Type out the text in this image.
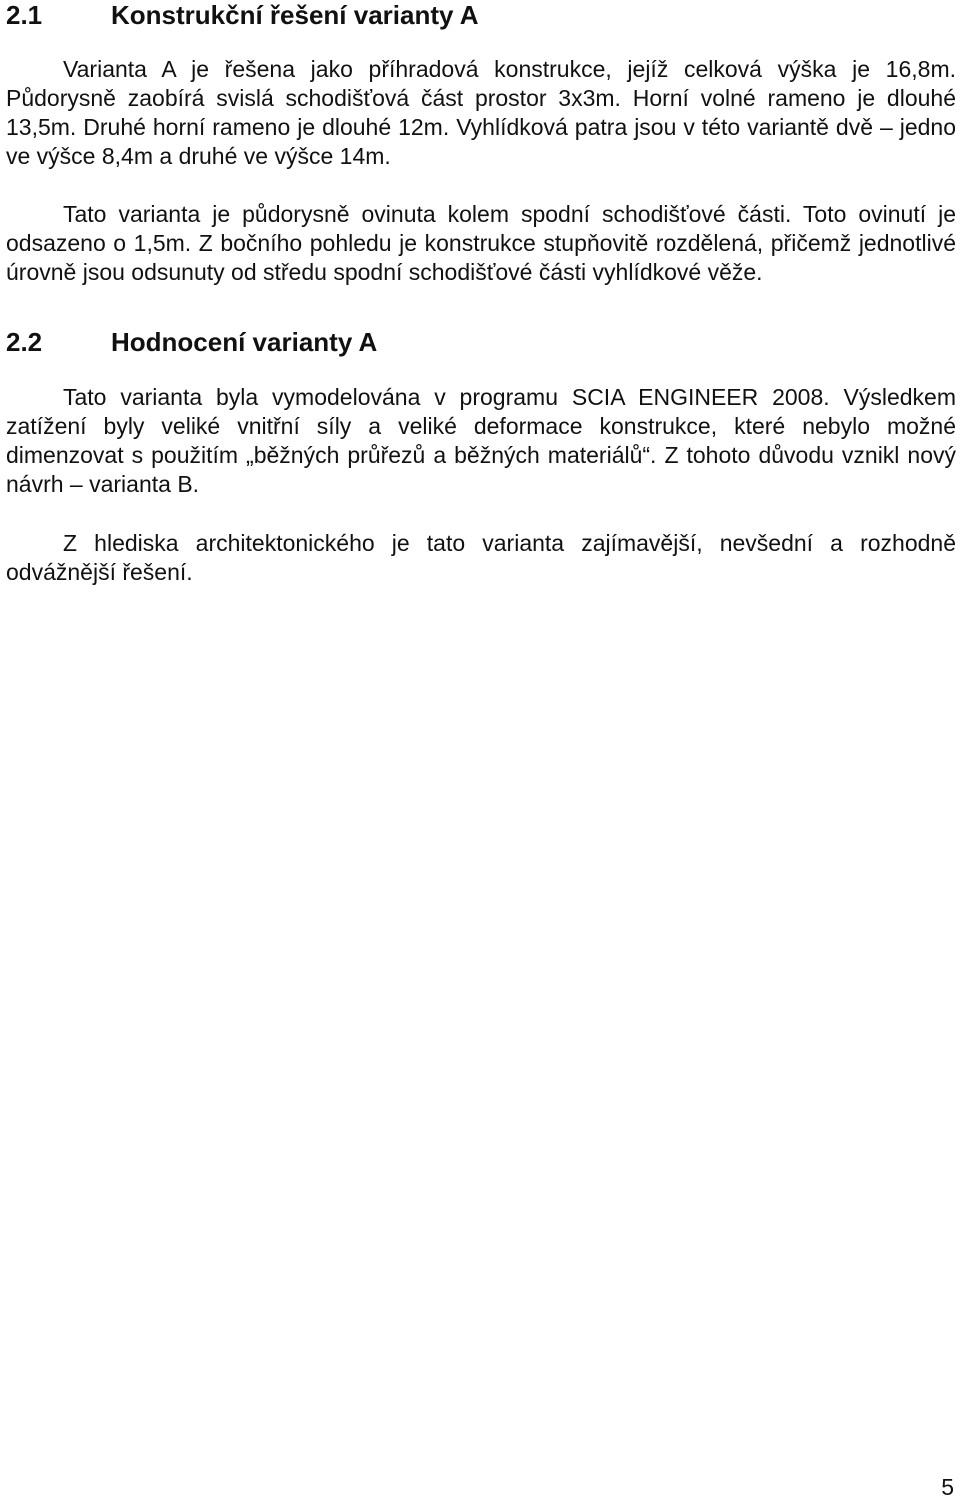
2.1	Konstrukční řešení varianty A

Varianta A je řešena jako příhradová konstrukce, jejíž celková výška je 16,8m. Půdorysně zaobírá svislá schodišťová část prostor 3x3m. Horní volné rameno je dlouhé 13,5m. Druhé horní rameno je dlouhé 12m. Vyhlídková patra jsou v této variantě dvě – jedno ve výšce 8,4m a druhé ve výšce 14m.

Tato varianta je půdorysně ovinuta kolem spodní schodišťové části. Toto ovinutí je odsazeno o 1,5m. Z bočního pohledu je konstrukce stupňovitě rozdělená, přičemž jednotlivé úrovně jsou odsunuty od středu spodní schodišťové části vyhlídkové věže.

2.2	Hodnocení varianty A

Tato varianta byla vymodelována v programu SCIA ENGINEER 2008. Výsledkem zatížení byly veliké vnitřní síly a veliké deformace konstrukce, které nebylo možné dimenzovat s použitím „běžných průřezů a běžných materiálů“. Z tohoto důvodu vznikl nový návrh – varianta B.

Z hlediska architektonického je tato varianta zajímavější, nevšední a rozhodně odvážnější řešení.

5
